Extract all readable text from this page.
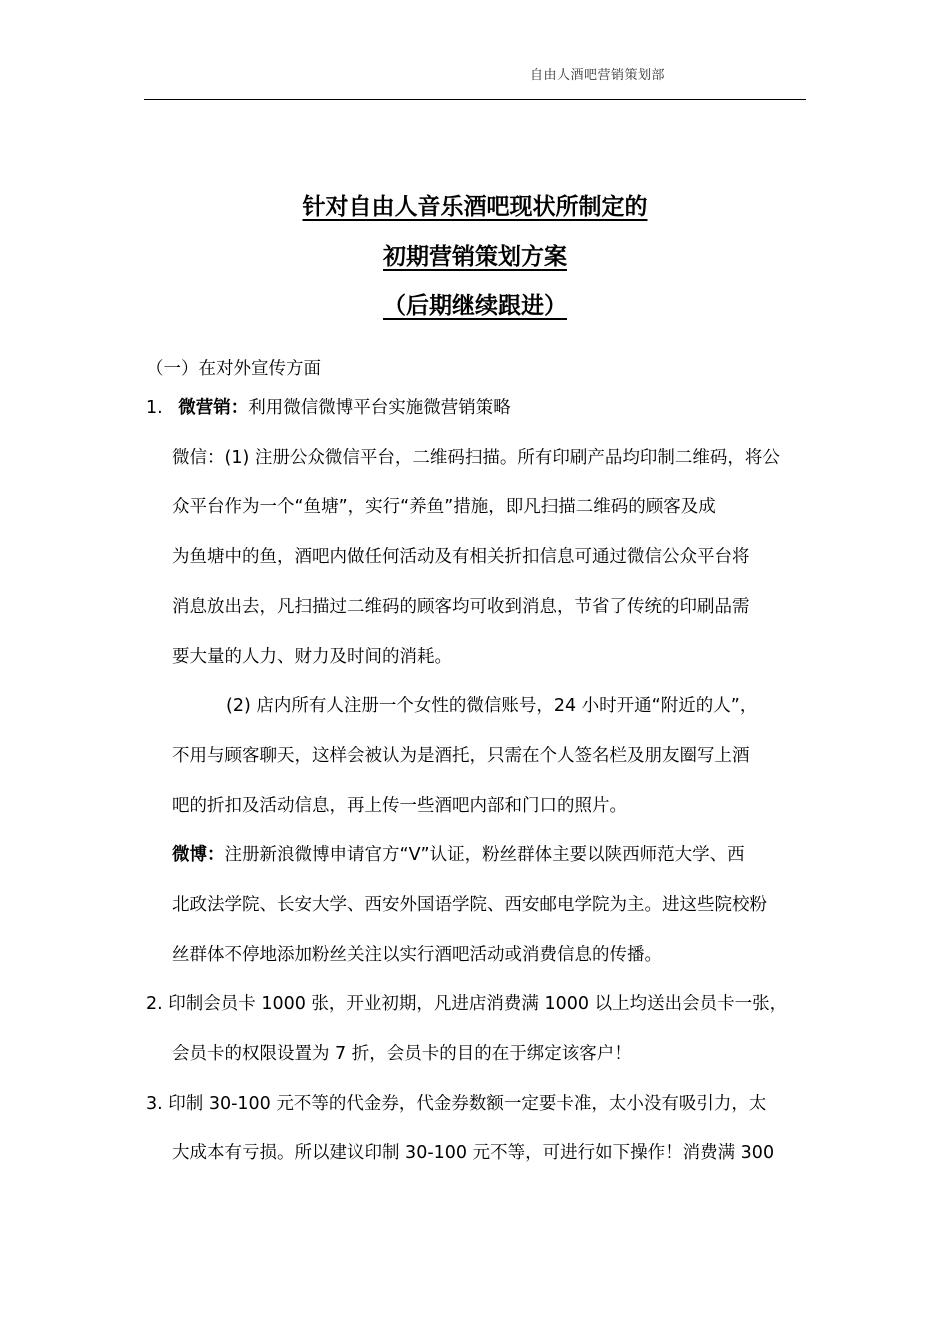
自由人酒吧营销策划部
针对自由人音乐酒吧现状所制定的
初期营销策划方案
（后期继续跟进）
（一）在对外宣传方面
1. 微营销：利用微信微博平台实施微营销策略
微信：(1) 注册公众微信平台，二维码扫描。所有印刷产品均印制二维码，将公
众平台作为一个“鱼塘”，实行“养鱼”措施，即凡扫描二维码的顾客及成
为鱼塘中的鱼，酒吧内做任何活动及有相关折扣信息可通过微信公众平台将
消息放出去，凡扫描过二维码的顾客均可收到消息，节省了传统的印刷品需
要大量的人力、财力及时间的消耗。
(2) 店内所有人注册一个女性的微信账号，24 小时开通“附近的人”，
不用与顾客聊天，这样会被认为是酒托，只需在个人签名栏及朋友圈写上酒
吧的折扣及活动信息，再上传一些酒吧内部和门口的照片。
微博：注册新浪微博申请官方“V”认证，粉丝群体主要以陕西师范大学、西
北政法学院、长安大学、西安外国语学院、西安邮电学院为主。进这些院校粉
丝群体不停地添加粉丝关注以实行酒吧活动或消费信息的传播。
2. 印制会员卡 1000 张，开业初期，凡进店消费满 1000 以上均送出会员卡一张，
会员卡的权限设置为 7 折，会员卡的目的在于绑定该客户！
3. 印制 30-100 元不等的代金券，代金券数额一定要卡准，太小没有吸引力，太
大成本有亏损。所以建议印制 30-100 元不等，可进行如下操作！消费满 300
